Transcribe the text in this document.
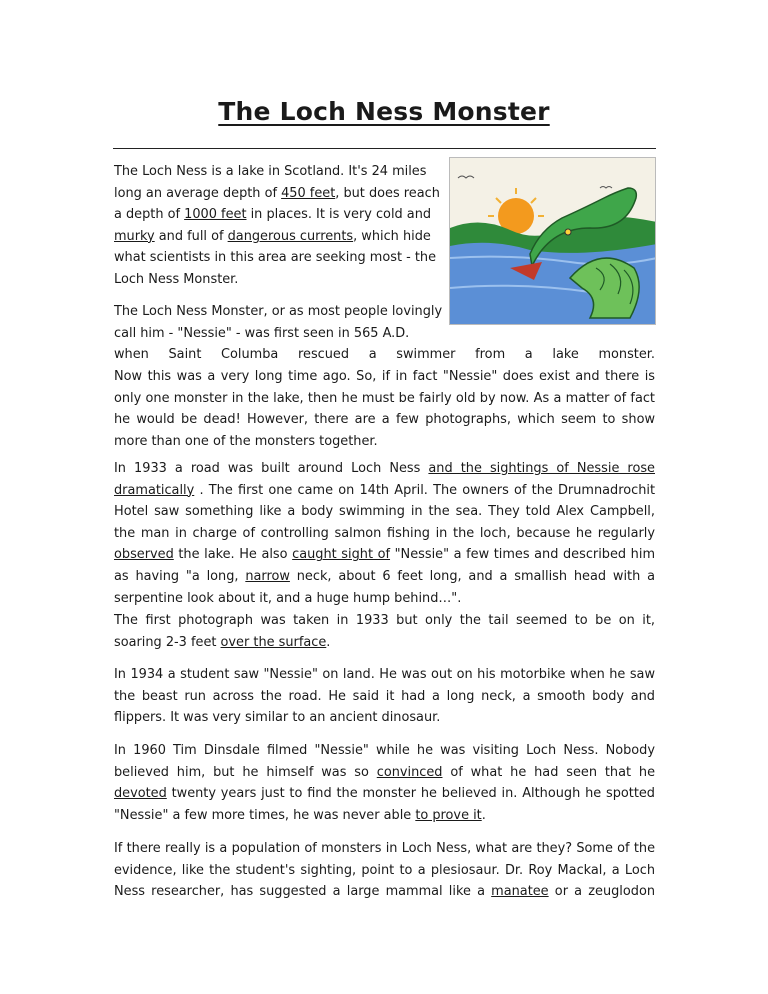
The Loch Ness Monster
The Loch Ness is a lake in Scotland. It's 24 miles
long an average depth of 450 feet, but does reach
a depth of 1000 feet in places. It is very cold and
murky and full of dangerous currents, which hide
what scientists in this area are seeking most - the
Loch Ness Monster.
The Loch Ness Monster, or as most people lovingly
call him - "Nessie" - was first seen in 565 A.D.
when Saint Columba rescued a swimmer from a lake monster.
Now this was a very long time ago. So, if in fact "Nessie" does exist and there is only one monster in the lake, then he must be fairly old by now. As a matter of fact he would be dead! However, there are a few photographs, which seem to show more than one of the monsters together.
In 1933 a road was built around Loch Ness and the sightings of Nessie rose dramatically . The first one came on 14th April. The owners of the Drumnadrochit Hotel saw something like a body swimming in the sea. They told Alex Campbell, the man in charge of controlling salmon fishing in the loch, because he regularly observed the lake. He also caught sight of "Nessie" a few times and described him as having "a long, narrow neck, about 6 feet long, and a smallish head with a serpentine look about it, and a huge hump behind…".
The first photograph was taken in 1933 but only the tail seemed to be on it, soaring 2-3 feet over the surface.
In 1934 a student saw "Nessie" on land. He was out on his motorbike when he saw the beast run across the road. He said it had a long neck, a smooth body and flippers. It was very similar to an ancient dinosaur.
In 1960 Tim Dinsdale filmed "Nessie" while he was visiting Loch Ness. Nobody believed him, but he himself was so convinced of what he had seen that he devoted twenty years just to find the monster he believed in. Although he spotted "Nessie" a few more times, he was never able to prove it.
If there really is a population of monsters in Loch Ness, what are they? Some of the evidence, like the student's sighting, point to a plesiosaur. Dr. Roy Mackal, a Loch Ness researcher, has suggested a large mammal like a manatee or a zeuglodon
